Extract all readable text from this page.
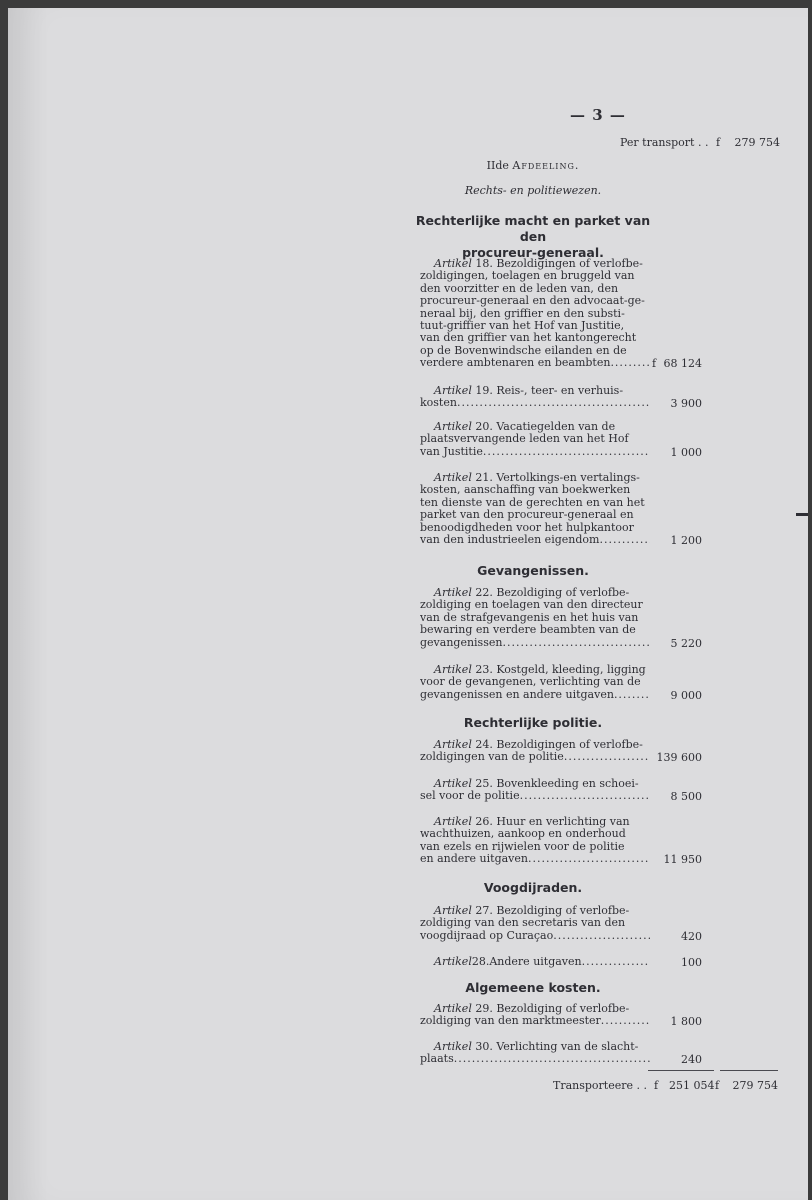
— 3 —
Per transport . . f 279 754
IIde Afdeeling.
Rechts- en politiewezen.
Rechterlijke macht en parket van den
procureur-generaal.
Artikel 18. Bezoldigingen of verlofbe-
zoldigingen, toelagen en bruggeld van
den voorzitter en de leden van, den
procureur-generaal en den advocaat-ge-
neraal bij, den griffier en den substi-
tuut-griffier van het Hof van Justitie,
van den griffier van het kantongerecht
op de Bovenwindsche eilanden en de
verdere ambtenaren en beambten .....	f 68 124
Artikel 19. Reis-, teer- en verhuis-
kosten .....	3 900
Artikel 20. Vacatiegelden van de
plaatsvervangende leden van het Hof
van Justitie .....	1 000
Artikel 21. Vertolkings-en vertalings-
kosten, aanschaffing van boekwerken
ten dienste van de gerechten en van het
parket van den procureur-generaal en
benoodigdheden voor het hulpkantoor
van den industrieelen eigendom .....	1 200
Gevangenissen.
Artikel 22. Bezoldiging of verlofbe-
zoldiging en toelagen van den directeur
van de strafgevangenis en het huis van
bewaring en verdere beambten van de
gevangenissen .....	5 220
Artikel 23. Kostgeld, kleeding, ligging
voor de gevangenen, verlichting van de
gevangenissen en andere uitgaven .....	9 000
Rechterlijke politie.
Artikel 24. Bezoldigingen of verlofbe-
zoldigingen van de politie .....	139 600
Artikel 25. Bovenkleeding en schoei-
sel voor de politie .....	8 500
Artikel 26. Huur en verlichting van
wachthuizen, aankoop en onderhoud
van ezels en rijwielen voor de politie
en andere uitgaven .....	11 950
Voogdijraden.
Artikel 27. Bezoldiging of verlofbe-
zoldiging van den secretaris van den
voogdijraad op Curaçao .....	420

Artikel 28. Andere uitgaven .....	100
Algemeene kosten.
Artikel 29. Bezoldiging of verlofbe-
zoldiging van den marktmeester .....	1 800
Artikel 30. Verlichting van de slacht-
plaats .....	240
Transporteere . . f 251 054 f 279 754
